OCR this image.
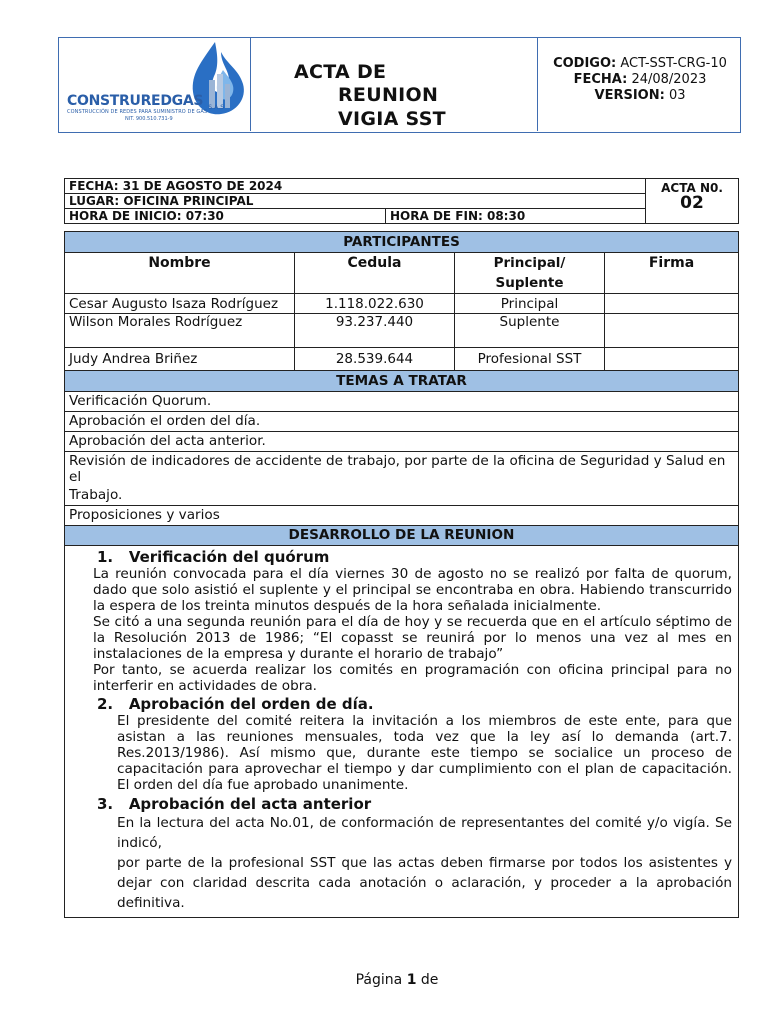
CONSTRUREDGAS $_{S.A.S}$
CONSTRUCCIÓN DE REDES PARA SUMINISTRO DE GAS
NIT. 900.510.731-9
ACTA DE
REUNION
VIGIA SST
CODIGO: ACT-SST-CRG-10 FECHA: 24/08/2023
VERSION: 03
FECHA: 31 DE AGOSTO DE 2024		ACTA N0.
02

LUGAR: OFICINA PRINCIPAL		
HORA DE INICIO: 07:30	HORA DE FIN: 08:30	
PARTICIPANTES			
Nombre	Cedula	Principal/ Suplente	Firma
Cesar Augusto Isaza Rodríguez	1.118.022.630	Principal	
Wilson Morales Rodríguez	93.237.440	Suplente	
Judy Andrea Briñez	28.539.644	Profesional SST	
TEMAS A TRATAR
Verificación Quorum.
Aprobación el orden del día.
Aprobación del acta anterior.

Revisión de indicadores de accidente de trabajo, por parte de la oficina de Seguridad y Salud en el
Trabajo.

Proposiciones y varios
DESARROLLO DE LA REUNION

1. Verificación del quórum
La reunión convocada para el día viernes 30 de agosto no se realizó por falta de quorum, dado que solo asistió el suplente y el principal se encontraba en obra. Habiendo transcurrido la espera de los treinta minutos después de la hora señalada inicialmente.
Se citó a una segunda reunión para el día de hoy y se recuerda que en el artículo séptimo de la Resolución 2013 de 1986; “El copasst se reunirá por lo menos una vez al mes en instalaciones de la empresa y durante el horario de trabajo”
Por tanto, se acuerda realizar los comités en programación con oficina principal para no interferir en actividades de obra.
2. Aprobación del orden de día.
El presidente del comité reitera la invitación a los miembros de este ente, para que asistan a las reuniones mensuales, toda vez que la ley así lo demanda (art.7. Res.2013/1986). Así mismo que, durante este tiempo se socialice un proceso de capacitación para aprovechar el tiempo y dar cumplimiento con el plan de capacitación. El orden del día fue aprobado unanimente.
3. Aprobación del acta anterior
En la lectura del acta No.01, de conformación de representantes del comité y/o vigía. Se indicó,
por parte de la profesional SST que las actas deben firmarse por todos los asistentes y dejar con claridad descrita cada anotación o aclaración, y proceder a la aprobación definitiva.
Página 1 de
